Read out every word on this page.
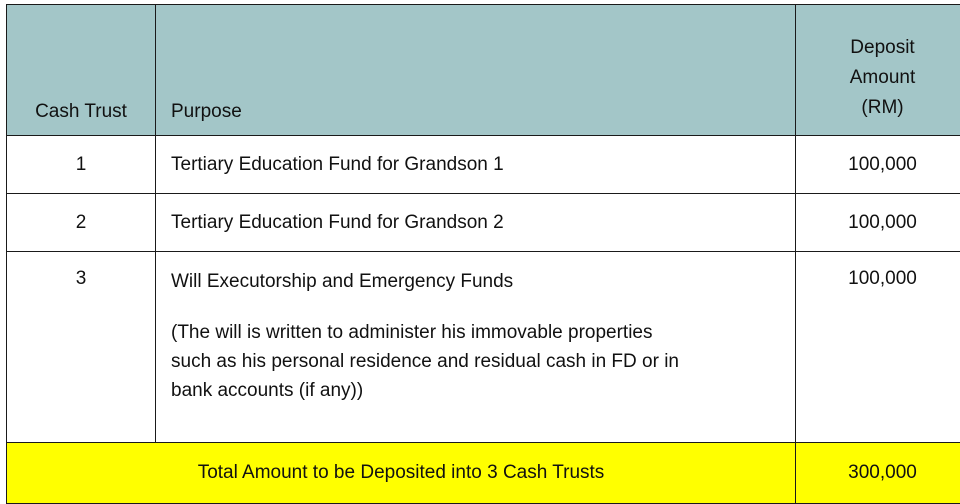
Cash Trust	Purpose	Deposit
Amount
(RM)

1	Tertiary Education Fund for Grandson 1	100,000
2	Tertiary Education Fund for Grandson 2	100,000
3	Will Executorship and Emergency Funds
(The will is written to administer his immovable properties
such as his personal residence and residual cash in FD or in
bank accounts (if any))	100,000
Total Amount to be Deposited into 3 Cash Trusts		300,000
